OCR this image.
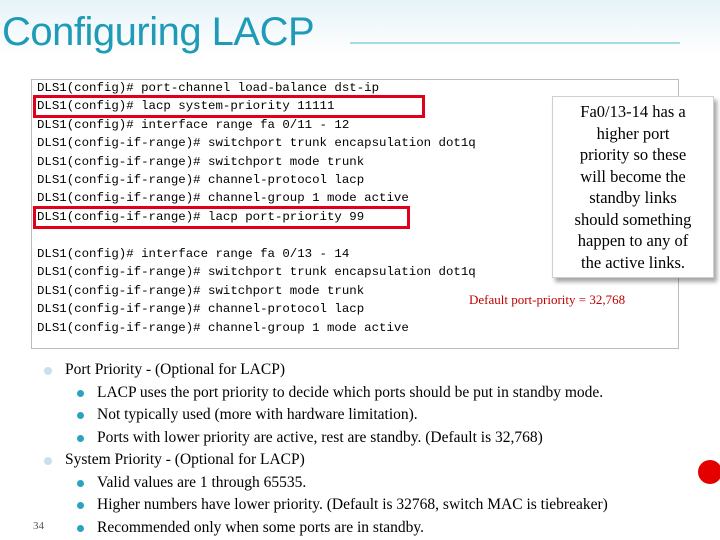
Configuring LACP
DLS1(config)# port-channel load-balance dst-ip
DLS1(config)# lacp system-priority 11111
DLS1(config)# interface range fa 0/11 - 12
DLS1(config-if-range)# switchport trunk encapsulation dot1q
DLS1(config-if-range)# switchport mode trunk
DLS1(config-if-range)# channel-protocol lacp
DLS1(config-if-range)# channel-group 1 mode active
DLS1(config-if-range)# lacp port-priority 99
DLS1(config)# interface range fa 0/13 - 14
DLS1(config-if-range)# switchport trunk encapsulation dot1q
DLS1(config-if-range)# switchport mode trunk
DLS1(config-if-range)# channel-protocol lacp
DLS1(config-if-range)# channel-group 1 mode active
Fa0/13-14 has a
higher port
priority so these
will become the
standby links
should something
happen to any of
the active links.
Default port-priority = 32,768
Port Priority - (Optional for LACP)
LACP uses the port priority to decide which ports should be put in standby mode.
Not typically used (more with hardware limitation).
Ports with lower priority are active, rest are standby. (Default is 32,768)
System Priority - (Optional for LACP)
Valid values are 1 through 65535.
Higher numbers have lower priority. (Default is 32768, switch MAC is tiebreaker)
Recommended only when some ports are in standby.
34
